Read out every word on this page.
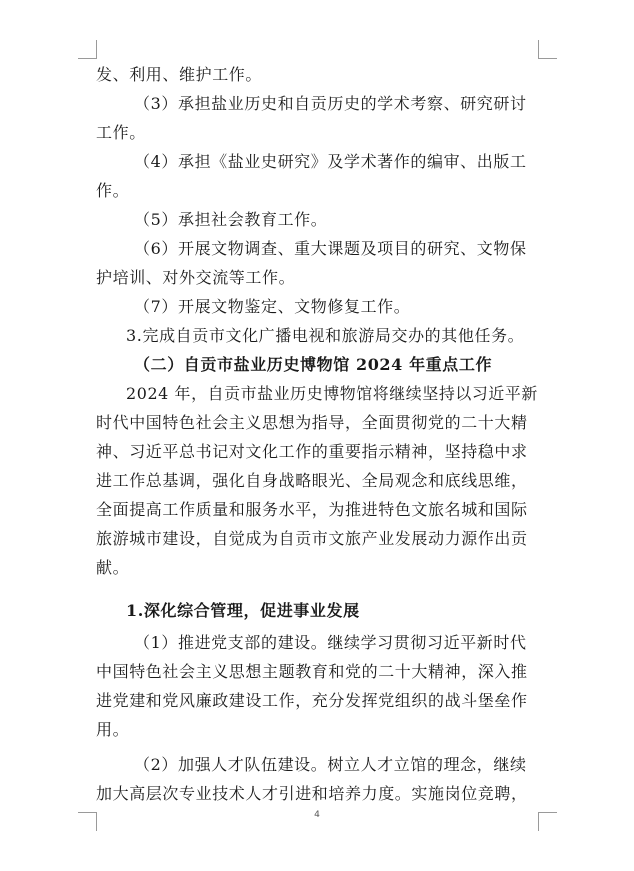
发、利用、维护工作。
（3）承担盐业历史和自贡历史的学术考察、研究研讨
工作。
（4）承担《盐业史研究》及学术著作的编审、出版工
作。
（5）承担社会教育工作。
（6）开展文物调查、重大课题及项目的研究、文物保
护培训、对外交流等工作。
（7）开展文物鉴定、文物修复工作。
3.完成自贡市文化广播电视和旅游局交办的其他任务。
（二）自贡市盐业历史博物馆 2024 年重点工作
2024 年，自贡市盐业历史博物馆将继续坚持以习近平新
时代中国特色社会主义思想为指导，全面贯彻党的二十大精
神、习近平总书记对文化工作的重要指示精神，坚持稳中求
进工作总基调，强化自身战略眼光、全局观念和底线思维，
全面提高工作质量和服务水平，为推进特色文旅名城和国际
旅游城市建设，自觉成为自贡市文旅产业发展动力源作出贡
献。
1.深化综合管理，促进事业发展
（1）推进党支部的建设。继续学习贯彻习近平新时代
中国特色社会主义思想主题教育和党的二十大精神，深入推
进党建和党风廉政建设工作，充分发挥党组织的战斗堡垒作
用。
（2）加强人才队伍建设。树立人才立馆的理念，继续
加大高层次专业技术人才引进和培养力度。实施岗位竞聘，
4
